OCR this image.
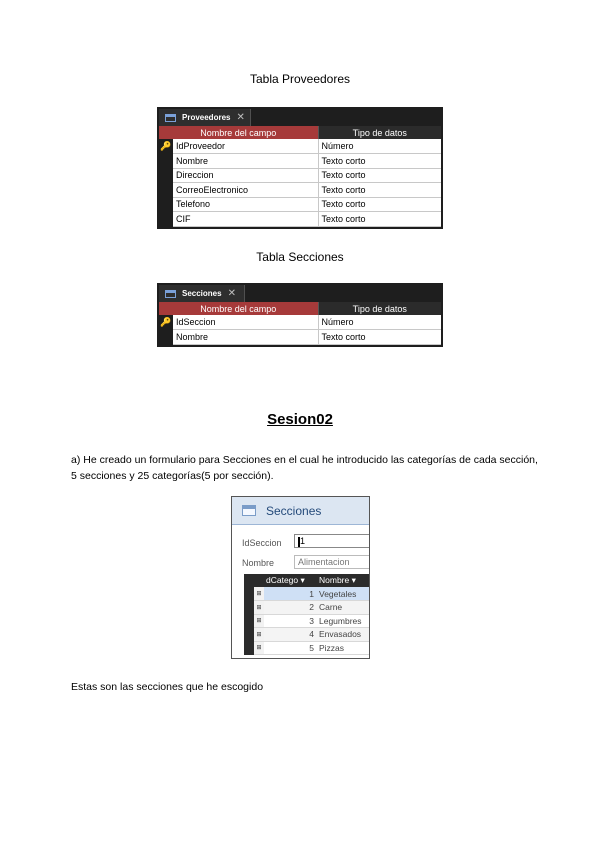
Tabla Proveedores
Proveedores ✕
Nombre del campo		Tipo de datos
🔑	IdProveedor	Número
	Nombre	Texto corto
	Direccion	Texto corto
	CorreoElectronico	Texto corto
	Telefono	Texto corto
	CIF	Texto corto
Tabla Secciones
Secciones ✕
Nombre del campo		Tipo de datos
🔑	IdSeccion	Número
	Nombre	Texto corto
Sesion02
a) He creado un formulario para Secciones en el cual he introducido las categorías de cada sección, 5 secciones y 25 categorías(5 por sección).
Secciones
IdSeccion	1
Nombre	Alimentacion
		dCatego ▾	Nombre ▾
	⊞	1	Vegetales
	⊞	2	Carne
	⊞	3	Legumbres
	⊞	4	Envasados
	⊞	5	Pizzas
Estas son las secciones que he escogido
